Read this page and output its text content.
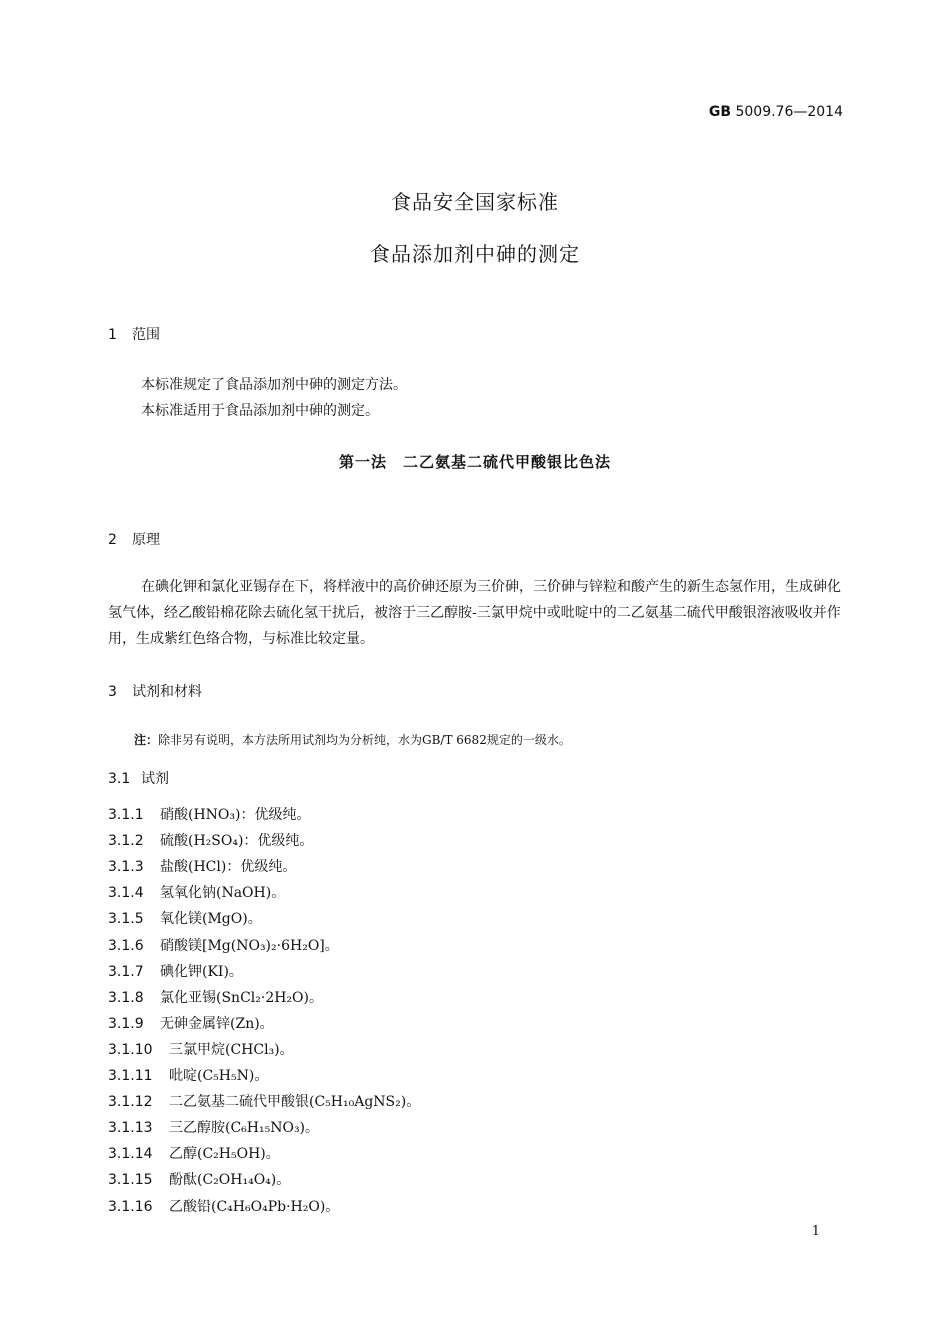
GB 5009.76—2014
食品安全国家标准
食品添加剂中砷的测定
1 范围
本标准规定了食品添加剂中砷的测定方法。
本标准适用于食品添加剂中砷的测定。
第一法　二乙氨基二硫代甲酸银比色法
2 原理
在碘化钾和氯化亚锡存在下，将样液中的高价砷还原为三价砷，三价砷与锌粒和酸产生的新生态氢作用，生成砷化氢气体，经乙酸铅棉花除去硫化氢干扰后，被溶于三乙醇胺-三氯甲烷中或吡啶中的二乙氨基二硫代甲酸银溶液吸收并作用，生成紫红色络合物，与标准比较定量。
3 试剂和材料
注：除非另有说明，本方法所用试剂均为分析纯，水为GB/T 6682规定的一级水。
3.1 试剂
3.1.1 硝酸(HNO₃)：优级纯。
3.1.2 硫酸(H₂SO₄)：优级纯。
3.1.3 盐酸(HCl)：优级纯。
3.1.4 氢氧化钠(NaOH)。
3.1.5 氧化镁(MgO)。
3.1.6 硝酸镁[Mg(NO₃)₂·6H₂O]。
3.1.7 碘化钾(KI)。
3.1.8 氯化亚锡(SnCl₂·2H₂O)。
3.1.9 无砷金属锌(Zn)。
3.1.10 三氯甲烷(CHCl₃)。
3.1.11 吡啶(C₅H₅N)。
3.1.12 二乙氨基二硫代甲酸银(C₅H₁₀AgNS₂)。
3.1.13 三乙醇胺(C₆H₁₅NO₃)。
3.1.14 乙醇(C₂H₅OH)。
3.1.15 酚酞(C₂OH₁₄O₄)。
3.1.16 乙酸铅(C₄H₆O₄Pb·H₂O)。
1
